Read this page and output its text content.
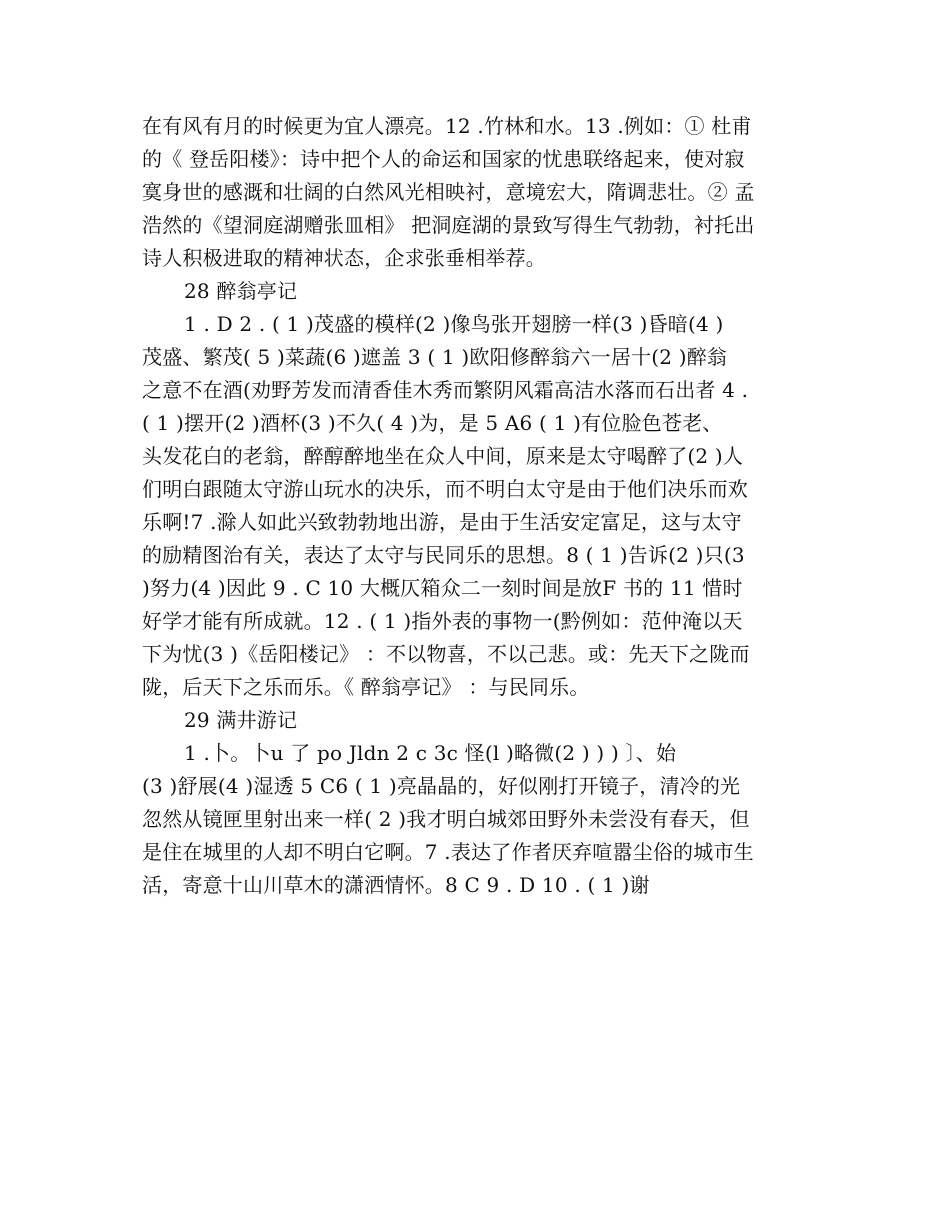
在有风有月的时候更为宜人漂亮。12 .竹林和水。13 .例如：① 杜甫
的《 登岳阳楼》：诗中把个人的命运和国家的忧患联络起来，使对寂
寞身世的感溉和壮阔的白然风光相映衬，意境宏大，隋调悲壮。② 孟
浩然的《望洞庭湖赠张皿相》 把洞庭湖的景致写得生气勃勃，衬托出
诗人积极进取的精神状态，企求张垂相举荐。
28 醉翁亭记
1 . D 2 . ( 1 )茂盛的模样(2 )像鸟张开翅膀一样(3 )昏暗(4 )
茂盛、繁茂( 5 )菜蔬(6 )遮盖 3 ( 1 )欧阳修醉翁六一居十(2 )醉翁
之意不在酒(劝野芳发而清香佳木秀而繁阴风霜高洁水落而石出者 4 .
( 1 )摆开(2 )酒杯(3 )不久( 4 )为，是 5 A6 ( 1 )有位脸色苍老、
头发花白的老翁，醉醇醉地坐在众人中间，原来是太守喝醉了(2 )人
们明白跟随太守游山玩水的决乐，而不明白太守是由于他们决乐而欢
乐啊!7 .滁人如此兴致勃勃地出游，是由于生活安定富足，这与太守
的励精图治有关，表达了太守与民同乐的思想。8 ( 1 )告诉(2 )只(3
)努力(4 )因此 9 . C 10 大概仄箱众二一刻时间是放F 书的 11 惜时
好学才能有所成就。12 . ( 1 )指外表的事物一(黔例如：范仲淹以天
下为忧(3 )《岳阳楼记》 ：不以物喜，不以己悲。或：先天下之陇而
陇，后天下之乐而乐。《 醉翁亭记》 ：与民同乐。
29 满井游记
1 .卜。卜u 了 po Jldn 2 c 3c 怪(l )略微(2 ) ) ) 〕、始
(3 )舒展(4 )湿透 5 C6 ( 1 )亮晶晶的，好似刚打开镜子，清冷的光
忽然从镜匣里射出来一样( 2 )我才明白城郊田野外未尝没有春天，但
是住在城里的人却不明白它啊。7 .表达了作者厌弃喧嚣尘俗的城市生
活，寄意十山川草木的潇洒情怀。8 C 9 . D 10 . ( 1 )谢
